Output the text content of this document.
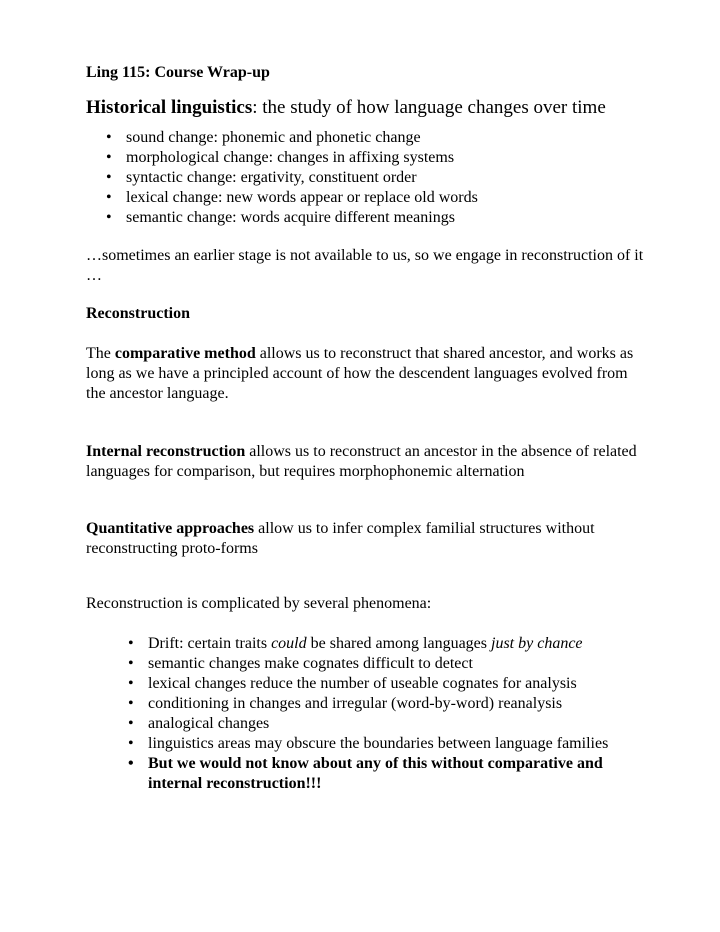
Ling 115: Course Wrap-up

Historical linguistics: the study of how language changes over time

• sound change: phonemic and phonetic change
• morphological change: changes in affixing systems
• syntactic change: ergativity, constituent order
• lexical change: new words appear or replace old words
• semantic change: words acquire different meanings

…sometimes an earlier stage is not available to us, so we engage in reconstruction of it …

Reconstruction

The comparative method allows us to reconstruct that shared ancestor, and works as long as we have a principled account of how the descendent languages evolved from the ancestor language.

Internal reconstruction allows us to reconstruct an ancestor in the absence of related languages for comparison, but requires morphophonemic alternation

Quantitative approaches allow us to infer complex familial structures without reconstructing proto-forms

Reconstruction is complicated by several phenomena:

• Drift: certain traits could be shared among languages just by chance
• semantic changes make cognates difficult to detect
• lexical changes reduce the number of useable cognates for analysis
• conditioning in changes and irregular (word-by-word) reanalysis
• analogical changes
• linguistics areas may obscure the boundaries between language families
• But we would not know about any of this without comparative and internal reconstruction!!!
